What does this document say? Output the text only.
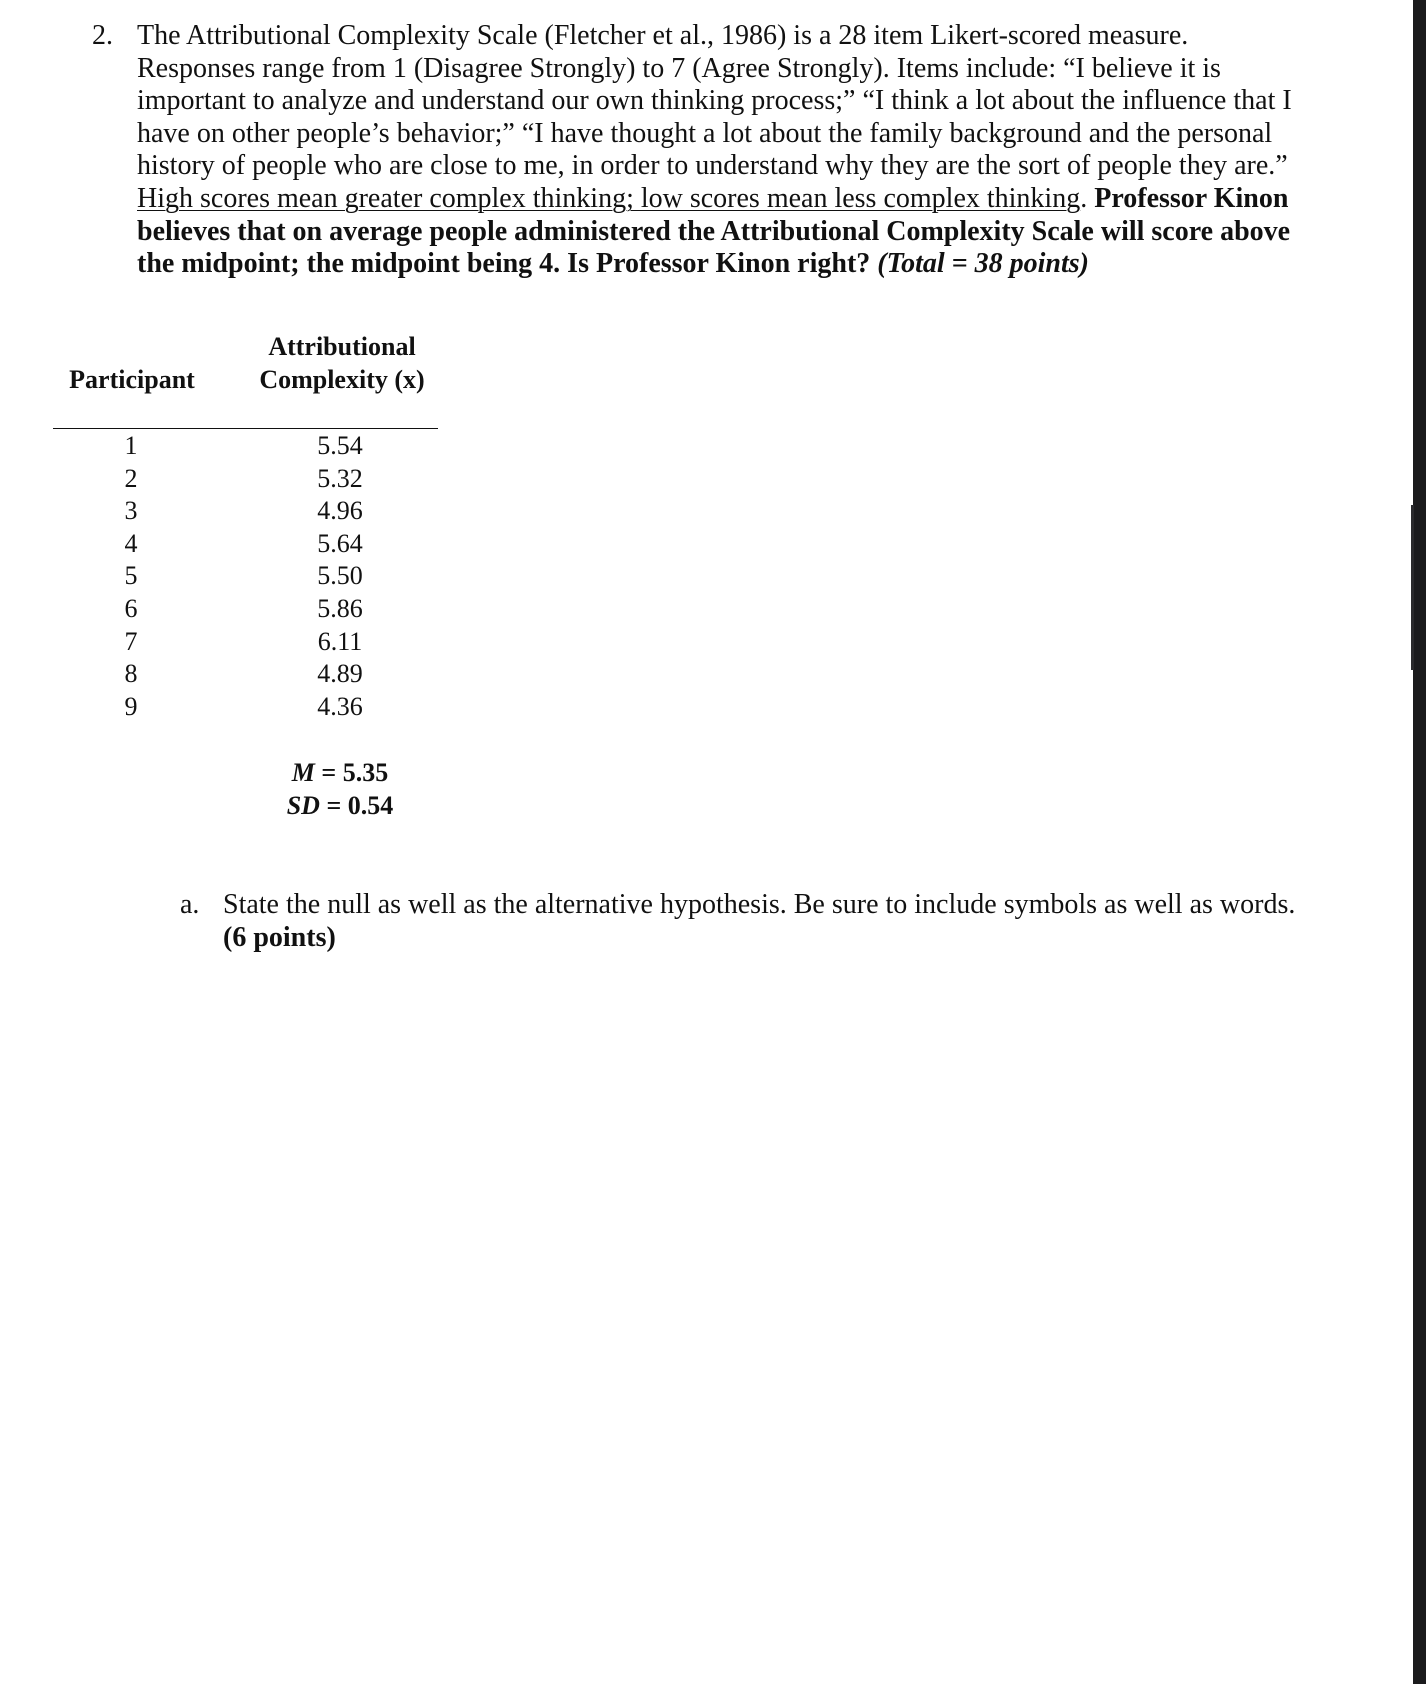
2. The Attributional Complexity Scale (Fletcher et al., 1986) is a 28 item Likert-scored measure.
Responses range from 1 (Disagree Strongly) to 7 (Agree Strongly). Items include: “I believe it is
important to analyze and understand our own thinking process;” “I think a lot about the influence that I
have on other people’s behavior;” “I have thought a lot about the family background and the personal
history of people who are close to me, in order to understand why they are the sort of people they are.”
High scores mean greater complex thinking; low scores mean less complex thinking. Professor Kinon
believes that on average people administered the Attributional Complexity Scale will score above
the midpoint; the midpoint being 4. Is Professor Kinon right? (Total = 38 points)
Participant
Attributional
Complexity (x)
1
2
3
4
5
6
7
8
9
5.54
5.32
4.96
5.64
5.50
5.86
6.11
4.89
4.36
M = 5.35
SD = 0.54
a. State the null as well as the alternative hypothesis. Be sure to include symbols as well as words.
(6 points)
